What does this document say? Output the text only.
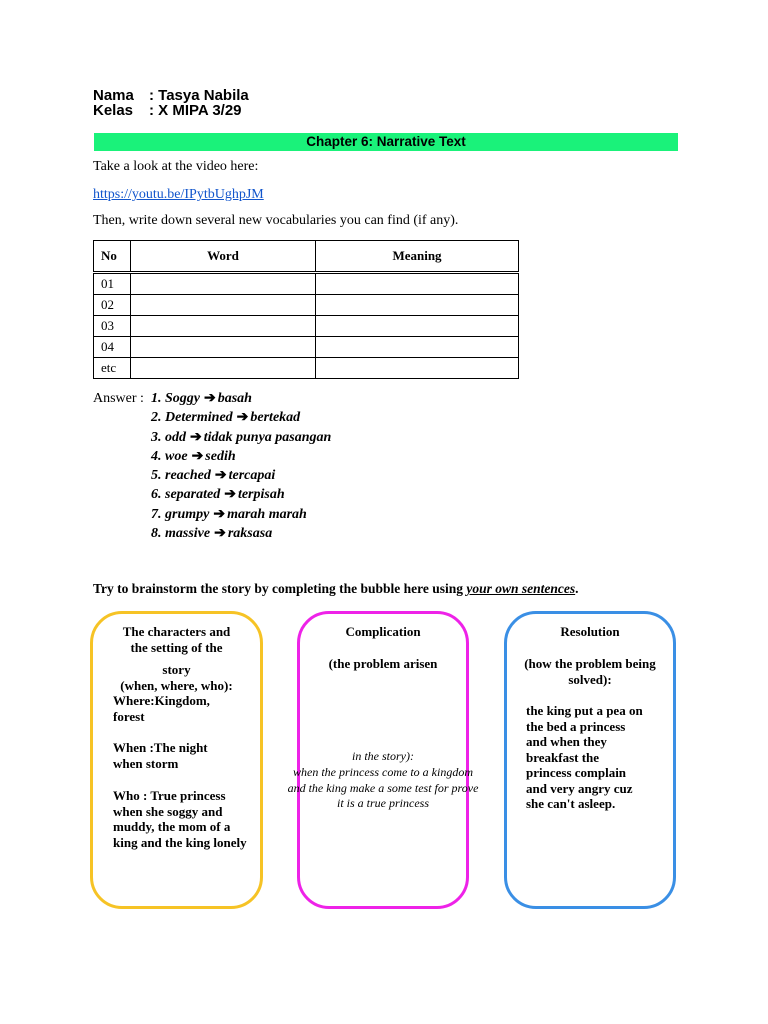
Nama : Tasya Nabila
Kelas : X MIPA 3/29
Chapter 6: Narrative Text
Take a look at the video here:
https://youtu.be/IPytbUghpJM
Then, write down several new vocabularies you can find (if any).
No	Word	Meaning
01		
02		
03		
04		
etc		
Answer : 1. Soggy ➔ basah
2. Determined ➔ bertekad
3. odd ➔ tidak punya pasangan
4. woe ➔ sedih
5. reached ➔ tercapai
6. separated ➔ terpisah
7. grumpy ➔ marah marah
8. massive ➔ raksasa
Try to brainstorm the story by completing the bubble here using your own sentences.
The characters and
the setting of the
story
(when, where, who):
Where:Kingdom, forest
When :The night when storm
Who : True princess when she soggy and muddy, the mom of a king and the king lonely
Complication
(the problem arisen
in the story):
when the princess come to a kingdom and the king make a some test for prove it is a true princess
Resolution
(how the problem being solved):
the king put a pea on the bed a princess and when they breakfast the princess complain and very angry cuz she can't asleep.
